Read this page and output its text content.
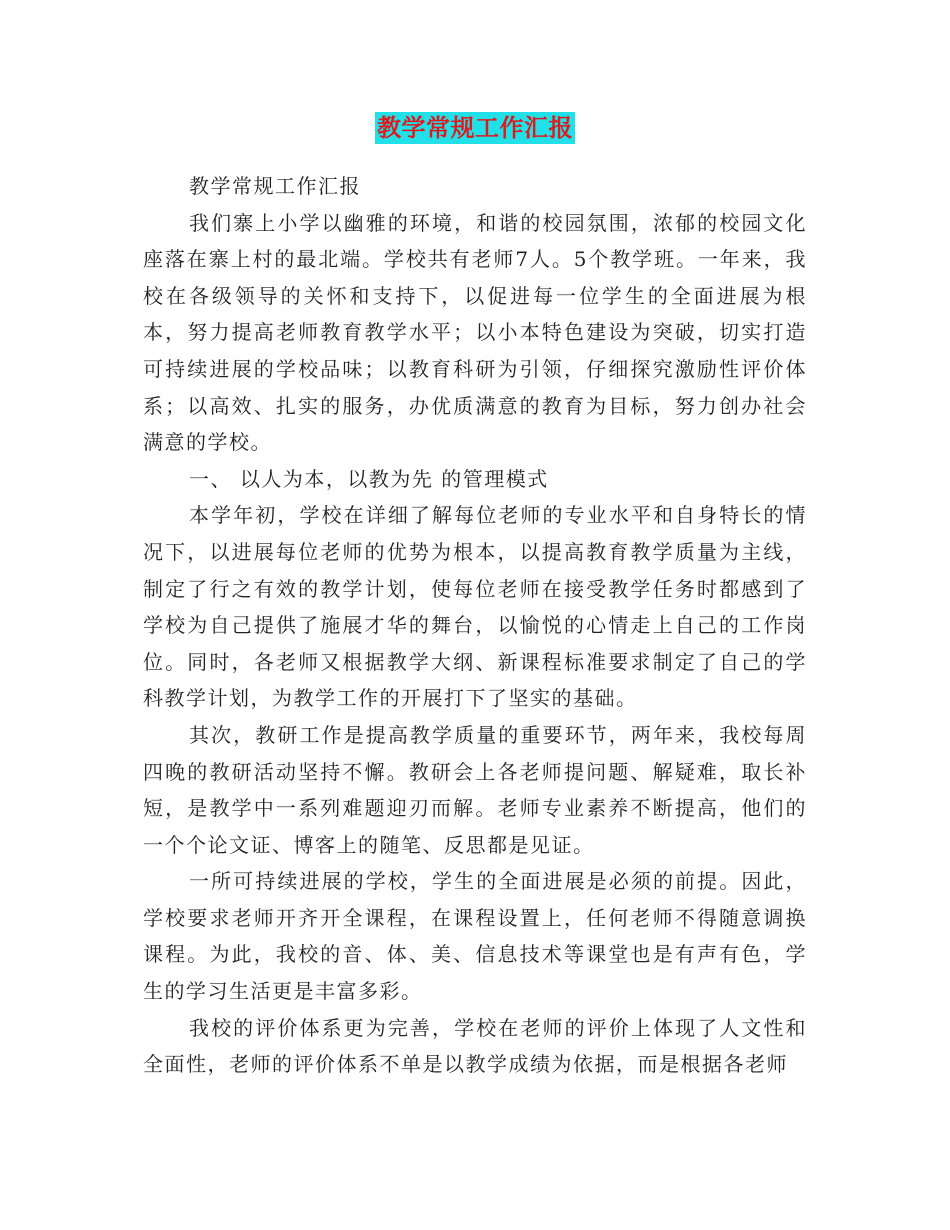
教学常规工作汇报

教学常规工作汇报

我们寨上小学以幽雅的环境，和谐的校园氛围，浓郁的校园文化座落在寨上村的最北端。学校共有老师7人。5个教学班。一年来，我校在各级领导的关怀和支持下，以促进每一位学生的全面进展为根本，努力提高老师教育教学水平；以小本特色建设为突破，切实打造可持续进展的学校品味；以教育科研为引领，仔细探究激励性评价体系；以高效、扎实的服务，办优质满意的教育为目标，努力创办社会满意的学校。

一、 以人为本，以教为先 的管理模式

本学年初，学校在详细了解每位老师的专业水平和自身特长的情况下，以进展每位老师的优势为根本，以提高教育教学质量为主线，制定了行之有效的教学计划，使每位老师在接受教学任务时都感到了学校为自己提供了施展才华的舞台，以愉悦的心情走上自己的工作岗位。同时，各老师又根据教学大纲、新课程标准要求制定了自己的学科教学计划，为教学工作的开展打下了坚实的基础。

其次，教研工作是提高教学质量的重要环节，两年来，我校每周四晚的教研活动坚持不懈。教研会上各老师提问题、解疑难，取长补短，是教学中一系列难题迎刃而解。老师专业素养不断提高，他们的一个个论文证、博客上的随笔、反思都是见证。

一所可持续进展的学校，学生的全面进展是必须的前提。因此，学校要求老师开齐开全课程，在课程设置上，任何老师不得随意调换课程。为此，我校的音、体、美、信息技术等课堂也是有声有色，学生的学习生活更是丰富多彩。

我校的评价体系更为完善，学校在老师的评价上体现了人文性和全面性，老师的评价体系不单是以教学成绩为依据，而是根据各老师
